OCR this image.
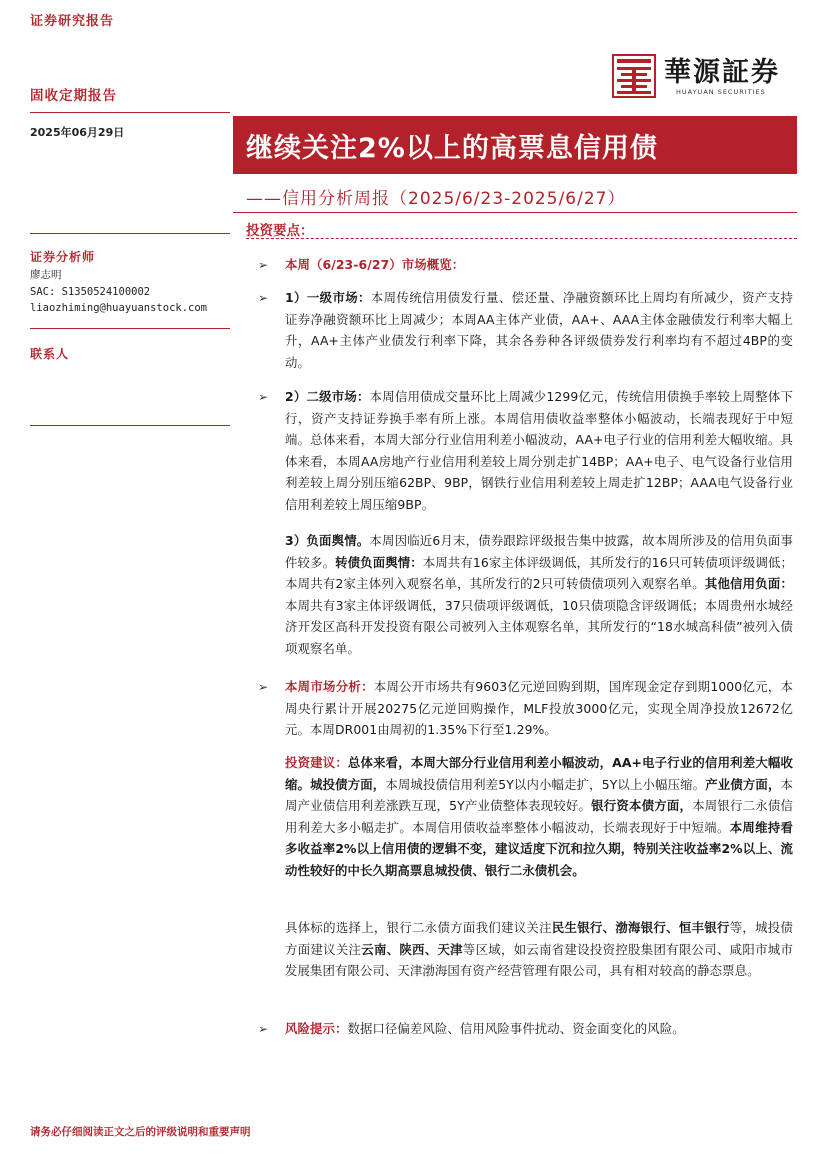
证券研究报告
固收定期报告
2025年06月29日
证券分析师
廖志明
SAC: S1350524100002
liaozhiming@huayuanstock.com
联系人
華源証券
HUAYUAN SECURITIES
继续关注2%以上的高票息信用债
——信用分析周报（2025/6/23-2025/6/27）
投资要点：
➢ 本周（6/23-6/27）市场概览：
➢ 1）一级市场：本周传统信用债发行量、偿还量、净融资额环比上周均有所减少，资产支持证券净融资额环比上周减少；本周AA主体产业债，AA+、AAA主体金融债发行利率大幅上升，AA+主体产业债发行利率下降，其余各券种各评级债券发行利率均有不超过4BP的变动。
➢ 2）二级市场：本周信用债成交量环比上周减少1299亿元，传统信用债换手率较上周整体下行，资产支持证券换手率有所上涨。本周信用债收益率整体小幅波动，长端表现好于中短端。总体来看，本周大部分行业信用利差小幅波动，AA+电子行业的信用利差大幅收缩。具体来看，本周AA房地产行业信用利差较上周分别走扩14BP；AA+电子、电气设备行业信用利差较上周分别压缩62BP、9BP，钢铁行业信用利差较上周走扩12BP；AAA电气设备行业信用利差较上周压缩9BP。
3）负面舆情。本周因临近6月末，债券跟踪评级报告集中披露，故本周所涉及的信用负面事件较多。转债负面舆情：本周共有16家主体评级调低，其所发行的16只可转债项评级调低；本周共有2家主体列入观察名单，其所发行的2只可转债债项列入观察名单。其他信用负面：本周共有3家主体评级调低，37只债项评级调低，10只债项隐含评级调低；本周贵州水城经济开发区高科开发投资有限公司被列入主体观察名单，其所发行的“18水城高科债”被列入债项观察名单。
➢ 本周市场分析：本周公开市场共有9603亿元逆回购到期，国库现金定存到期1000亿元，本周央行累计开展20275亿元逆回购操作，MLF投放3000亿元，实现全周净投放12672亿元。本周DR001由周初的1.35%下行至1.29%。
投资建议：总体来看，本周大部分行业信用利差小幅波动，AA+电子行业的信用利差大幅收缩。城投债方面，本周城投债信用利差5Y以内小幅走扩，5Y以上小幅压缩。产业债方面，本周产业债信用利差涨跌互现，5Y产业债整体表现较好。银行资本债方面，本周银行二永债信用利差大多小幅走扩。本周信用债收益率整体小幅波动，长端表现好于中短端。本周维持看多收益率2%以上信用债的逻辑不变，建议适度下沉和拉久期，特别关注收益率2%以上、流动性较好的中长久期高票息城投债、银行二永债机会。
具体标的选择上，银行二永债方面我们建议关注民生银行、渤海银行、恒丰银行等，城投债方面建议关注云南、陕西、天津等区域，如云南省建设投资控股集团有限公司、咸阳市城市发展集团有限公司、天津渤海国有资产经营管理有限公司，具有相对较高的静态票息。
➢ 风险提示：数据口径偏差风险、信用风险事件扰动、资金面变化的风险。
请务必仔细阅读正文之后的评级说明和重要声明
